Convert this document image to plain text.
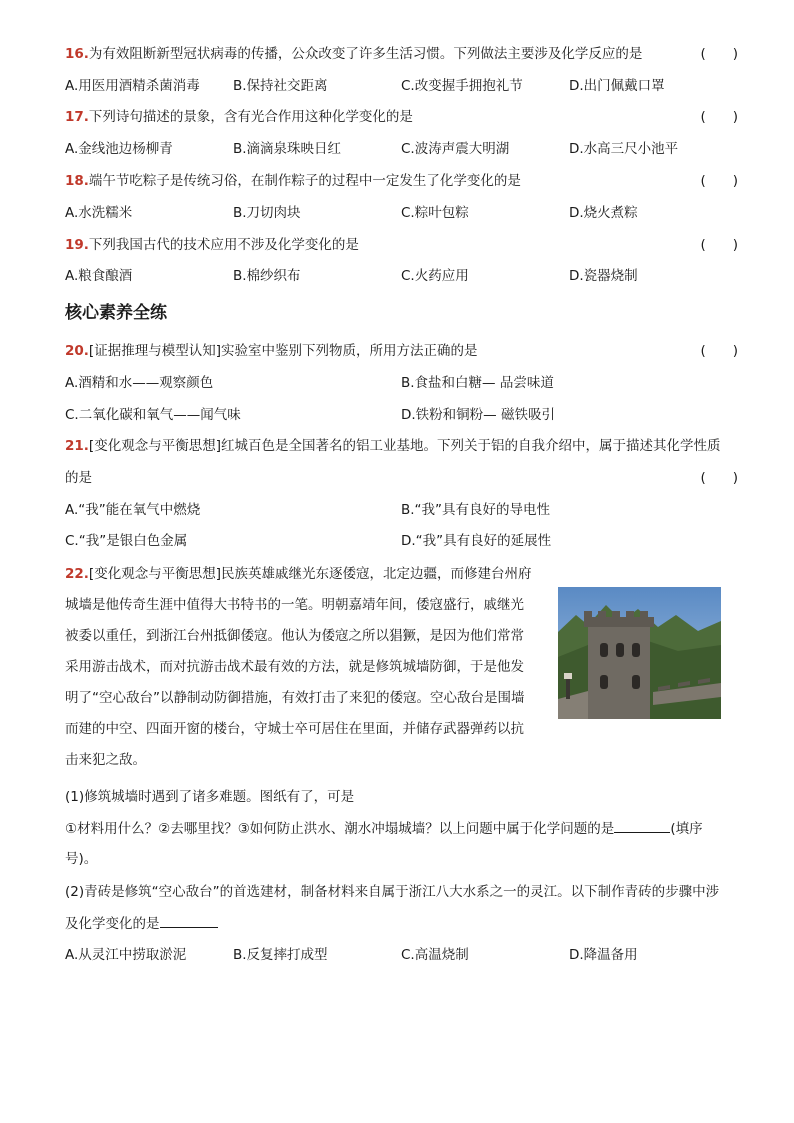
16.为有效阻断新型冠状病毒的传播，公众改变了许多生活习惯。下列做法主要涉及化学反应的是	(　　)
A.用医用酒精杀菌消毒 B.保持社交距离	C.改变握手拥抱礼节	D.出门佩戴口罩
17.下列诗句描述的景象，含有光合作用这种化学变化的是	(　　)
A.金线池边杨柳青	B.滴滴泉珠映日红	C.波涛声震大明湖	D.水高三尺小池平
18.端午节吃粽子是传统习俗，在制作粽子的过程中一定发生了化学变化的是	(　　)
A.水洗糯米	B.刀切肉块	C.粽叶包粽	D.烧火煮粽
19.下列我国古代的技术应用不涉及化学变化的是	(　　)
A.粮食酿酒	B.棉纱织布	C.火药应用	D.瓷器烧制
核心素养全练
20.[证据推理与模型认知]实验室中鉴别下列物质，所用方法正确的是	(　　)
A.酒精和水——观察颜色	B.食盐和白糖— 品尝味道
C.二氧化碳和氧气——闻气味	D.铁粉和铜粉— 磁铁吸引
21.[变化观念与平衡思想]红城百色是全国著名的铝工业基地。下列关于铝的自我介绍中，属于描述其化学性质
的是	(　　)
A.“我”能在氧气中燃烧	B.“我”具有良好的导电性
C.“我”是银白色金属	D.“我”具有良好的延展性
22.[变化观念与平衡思想]民族英雄戚继光东逐倭寇，北定边疆，而修建台州府
城墙是他传奇生涯中值得大书特书的一笔。明朝嘉靖年间，倭寇盛行，戚继光
被委以重任，到浙江台州抵御倭寇。他认为倭寇之所以猖獗，是因为他们常常
采用游击战术，而对抗游击战术最有效的方法，就是修筑城墙防御，于是他发
明了“空心敌台”以静制动防御措施，有效打击了来犯的倭寇。空心敌台是围墙
而建的中空、四面开窗的楼台，守城士卒可居住在里面，并储存武器弹药以抗
击来犯之敌。
(1)修筑城墙时遇到了诸多难题。图纸有了，可是
①材料用什么？②去哪里找？③如何防止洪水、潮水冲塌城墙？以上问题中属于化学问题的是	(填序
号)。
(2)青砖是修筑“空心敌台”的首选建材，制备材料来自属于浙江八大水系之一的灵江。以下制作青砖的步骤中涉
及化学变化的是
A.从灵江中捞取淤泥	B.反复摔打成型	C.高温烧制	D.降温备用
